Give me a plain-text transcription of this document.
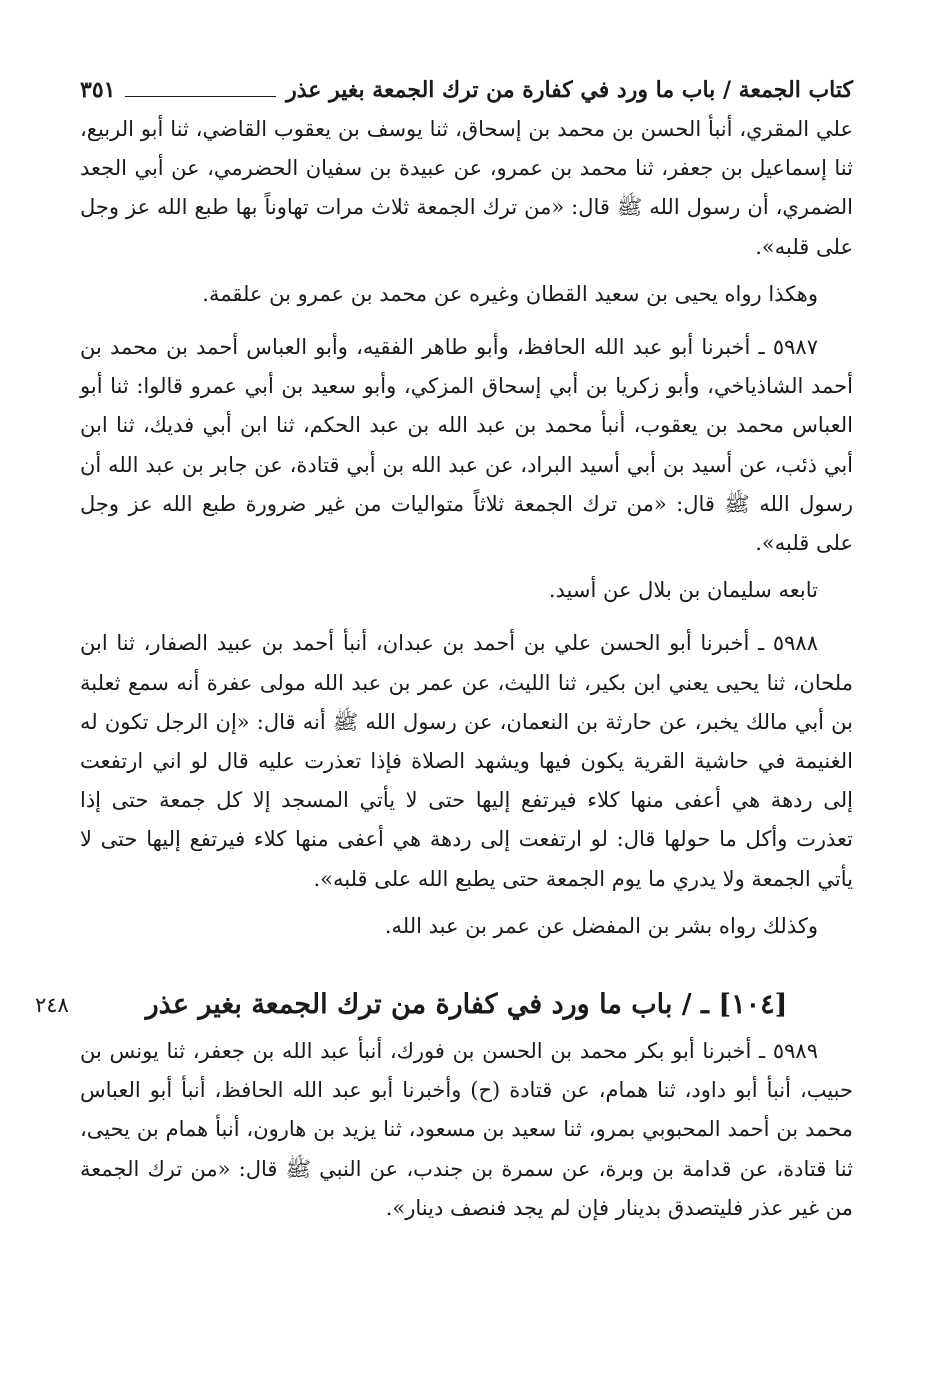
كتاب الجمعة / باب ما ورد في كفارة من ترك الجمعة بغير عذر
٣٥١

علي المقري، أنبأ الحسن بن محمد بن إسحاق، ثنا يوسف بن يعقوب القاضي، ثنا أبو الربيع، ثنا إسماعيل بن جعفر، ثنا محمد بن عمرو، عن عبيدة بن سفيان الحضرمي، عن أبي الجعد الضمري، أن رسول الله ﷺ قال: «من ترك الجمعة ثلاث مرات تهاوناً بها طبع الله عز وجل على قلبه».

وهكذا رواه يحيى بن سعيد القطان وغيره عن محمد بن عمرو بن علقمة.

٥٩٨٧ ـ أخبرنا أبو عبد الله الحافظ، وأبو طاهر الفقيه، وأبو العباس أحمد بن محمد بن أحمد الشاذياخي، وأبو زكريا بن أبي إسحاق المزكي، وأبو سعيد بن أبي عمرو قالوا: ثنا أبو العباس محمد بن يعقوب، أنبأ محمد بن عبد الله بن عبد الحكم، ثنا ابن أبي فديك، ثنا ابن أبي ذئب، عن أسيد بن أبي أسيد البراد، عن عبد الله بن أبي قتادة، عن جابر بن عبد الله أن رسول الله ﷺ قال: «من ترك الجمعة ثلاثاً متواليات من غير ضرورة طبع الله عز وجل على قلبه».

تابعه سليمان بن بلال عن أسيد.

٥٩٨٨ ـ أخبرنا أبو الحسن علي بن أحمد بن عبدان، أنبأ أحمد بن عبيد الصفار، ثنا ابن ملحان، ثنا يحيى يعني ابن بكير، ثنا الليث، عن عمر بن عبد الله مولى عفرة أنه سمع ثعلبة بن أبي مالك يخبر، عن حارثة بن النعمان، عن رسول الله ﷺ أنه قال: «إن الرجل تكون له الغنيمة في حاشية القرية يكون فيها ويشهد الصلاة فإذا تعذرت عليه قال لو اني ارتفعت إلى ردهة هي أعفى منها كلاء فيرتفع إليها حتى لا يأتي المسجد إلا كل جمعة حتى إذا تعذرت وأكل ما حولها قال: لو ارتفعت إلى ردهة هي أعفى منها كلاء فيرتفع إليها حتى لا يأتي الجمعة ولا يدري ما يوم الجمعة حتى يطبع الله على قلبه».

وكذلك رواه بشر بن المفضل عن عمر بن عبد الله.

[١٠٤] ـ / باب ما ورد في كفارة من ترك الجمعة بغير عذر
٢٤٨

٥٩٨٩ ـ أخبرنا أبو بكر محمد بن الحسن بن فورك، أنبأ عبد الله بن جعفر، ثنا يونس بن حبيب، أنبأ أبو داود، ثنا همام، عن قتادة (ح) وأخبرنا أبو عبد الله الحافظ، أنبأ أبو العباس محمد بن أحمد المحبوبي بمرو، ثنا سعيد بن مسعود، ثنا يزيد بن هارون، أنبأ همام بن يحيى، ثنا قتادة، عن قدامة بن وبرة، عن سمرة بن جندب، عن النبي ﷺ قال: «من ترك الجمعة من غير عذر فليتصدق بدينار فإن لم يجد فنصف دينار».
